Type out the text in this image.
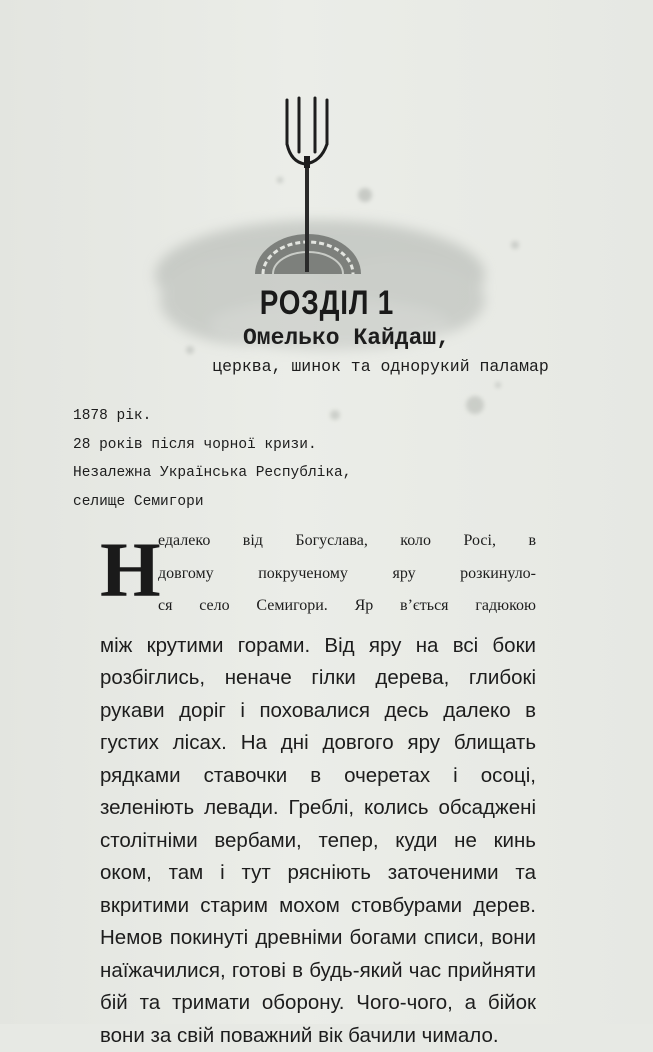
РОЗДІЛ 1
Омелько Кайдаш,
церква, шинок та однорукий паламар
1878 рік.
28 років після чорної кризи.
Незалежна Українська Республіка,
селище Семигори
Н
едалеко від Богуслава, коло Росі, в
довгому покрученому яру розкинуло-
ся село Семигори. Яр в’ється гадюкою
між крутими горами. Від яру на всі боки розбіглись, неначе гілки дерева, глибокі рукави доріг і поховалися десь далеко в густих лісах. На дні довгого яру блищать рядками ставочки в очеретах і осоці, зеленіють левади. Греблі, колись обсаджені столітніми вербами, тепер, куди не кинь оком, там і тут рясніють заточеними та вкритими старим мохом стовбурами дерев. Немов покинуті древніми богами списи, вони наїжачилися, готові в будь-який час прийняти бій та тримати оборону. Чого-чого, а бійок вони за свій поважний вік бачили чимало.
